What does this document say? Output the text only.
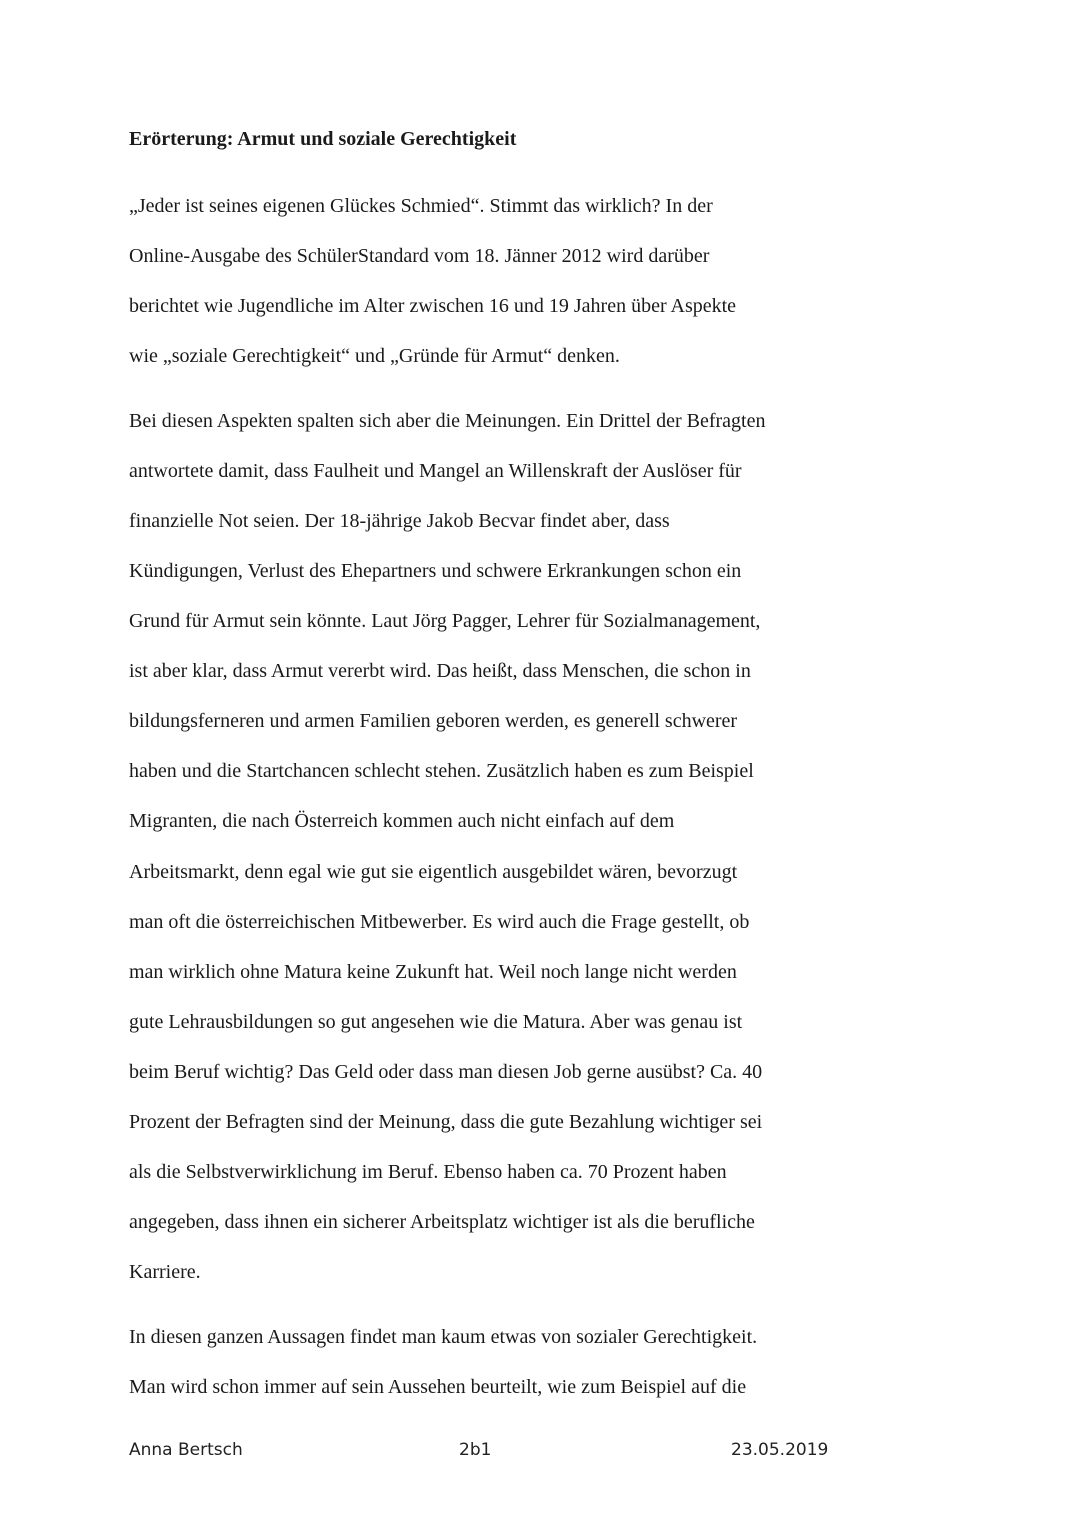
Erörterung: Armut und soziale Gerechtigkeit
„Jeder ist seines eigenen Glückes Schmied“. Stimmt das wirklich? In der
Online-Ausgabe des SchülerStandard vom 18. Jänner 2012 wird darüber
berichtet wie Jugendliche im Alter zwischen 16 und 19 Jahren über Aspekte
wie „soziale Gerechtigkeit“ und „Gründe für Armut“ denken.
Bei diesen Aspekten spalten sich aber die Meinungen. Ein Drittel der Befragten
antwortete damit, dass Faulheit und Mangel an Willenskraft der Auslöser für
finanzielle Not seien. Der 18-jährige Jakob Becvar findet aber, dass
Kündigungen, Verlust des Ehepartners und schwere Erkrankungen schon ein
Grund für Armut sein könnte. Laut Jörg Pagger, Lehrer für Sozialmanagement,
ist aber klar, dass Armut vererbt wird. Das heißt, dass Menschen, die schon in
bildungsferneren und armen Familien geboren werden, es generell schwerer
haben und die Startchancen schlecht stehen. Zusätzlich haben es zum Beispiel
Migranten, die nach Österreich kommen auch nicht einfach auf dem
Arbeitsmarkt, denn egal wie gut sie eigentlich ausgebildet wären, bevorzugt
man oft die österreichischen Mitbewerber. Es wird auch die Frage gestellt, ob
man wirklich ohne Matura keine Zukunft hat. Weil noch lange nicht werden
gute Lehrausbildungen so gut angesehen wie die Matura. Aber was genau ist
beim Beruf wichtig? Das Geld oder dass man diesen Job gerne ausübst? Ca. 40
Prozent der Befragten sind der Meinung, dass die gute Bezahlung wichtiger sei
als die Selbstverwirklichung im Beruf. Ebenso haben ca. 70 Prozent haben
angegeben, dass ihnen ein sicherer Arbeitsplatz wichtiger ist als die berufliche
Karriere.
In diesen ganzen Aussagen findet man kaum etwas von sozialer Gerechtigkeit.
Man wird schon immer auf sein Aussehen beurteilt, wie zum Beispiel auf die
Anna Bertsch	2b1	23.05.2019
